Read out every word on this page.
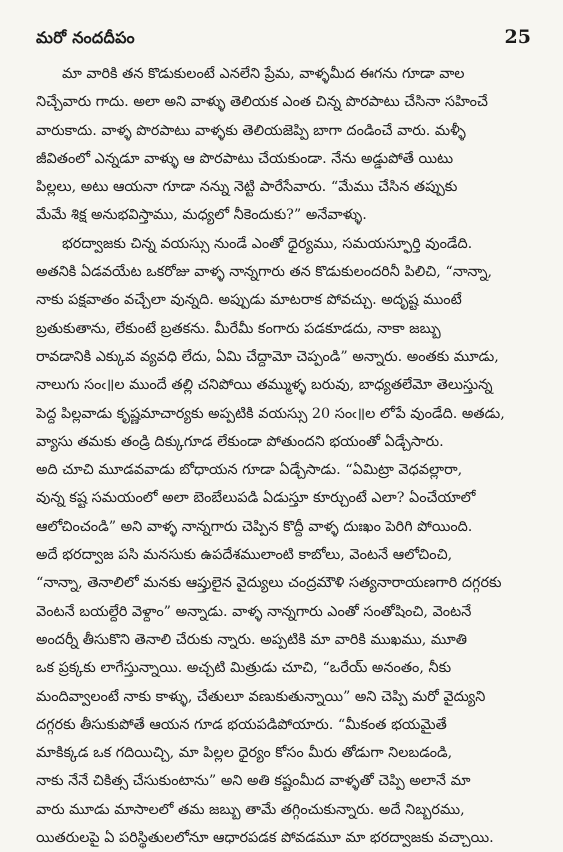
మరో నందదీపం	25
మా వారికి తన కొడుకులంటే ఎనలేని ప్రేమ, వాళ్ళమీద ఈగను గూడా వాల
నిచ్చేవారు గాదు. అలా అని వాళ్ళు తెలియక ఎంత చిన్న పొరపాటు చేసినా సహించే
వారుకాదు. వాళ్ళ పొరపాటు వాళ్ళకు తెలియజెప్పి బాగా దండించే వారు. మళ్ళీ
జీవితంలో ఎన్నడూ వాళ్ళు ఆ పొరపాటు చేయకుండా. నేను అడ్డుపోతే యిటు
పిల్లలు, అటు ఆయనా గూడా నన్ను నెట్టి పారేసేవారు. “మేము చేసిన తప్పుకు
మేమే శిక్ష అనుభవిస్తాము, మధ్యలో నీకెందుకు?” అనేవాళ్ళు.
భరద్వాజకు చిన్న వయస్సు నుండే ఎంతో ధైర్యము, సమయస్ఫూర్తి వుండేది.
అతనికి ఏడవయేట ఒకరోజు వాళ్ళ నాన్నగారు తన కొడుకులందరినీ పిలిచి, “నాన్నా,
నాకు పక్షవాతం వచ్చేలా వున్నది. అప్పుడు మాటరాక పోవచ్చు. అదృష్ట ముంటే
బ్రతుకుతాను, లేకుంటే బ్రతకను. మీరేమీ కంగారు పడకూడదు, నాకా జబ్బు
రావడానికి ఎక్కువ వ్యవధి లేదు, ఏమి చేద్దామో చెప్పండి” అన్నారు. అంతకు మూడు,
నాలుగు సంఁ॥ల ముందే తల్లి చనిపోయి తమ్ముళ్ళ బరువు, బాధ్యతలేమో తెలుస్తున్న
పెద్ద పిల్లవాడు కృష్ణమాచార్యకు అప్పటికి వయస్సు 20 సంఁ॥ల లోపే వుండేది. అతడు,
వ్యాసు తమకు తండ్రి దిక్కుగూడ లేకుండా పోతుందని భయంతో ఏడ్చేసారు.
అది చూచి మూడవవాడు బోధాయన గూడా ఏడ్చేసాడు. “ఏమిట్రా వెధవల్లారా,
వున్న కష్ట సమయంలో అలా బెంబేలుపడి ఏడుస్తూ కూర్చుంటే ఎలా? ఏంచేయాలో
ఆలోచించండి” అని వాళ్ళ నాన్నగారు చెప్పిన కొద్దీ వాళ్ళ దుఃఖం పెరిగి పోయింది.
అదే భరద్వాజ పసి మనసుకు ఉపదేశములాంటి కాబోలు, వెంటనే ఆలోచించి,
“నాన్నా, తెనాలిలో మనకు ఆప్తులైన వైద్యులు చంద్రమౌళి సత్యనారాయణగారి దగ్గరకు
వెంటనే బయల్దేరి వెళ్దాం” అన్నాడు. వాళ్ళ నాన్నగారు ఎంతో సంతోషించి, వెంటనే
అందర్నీ తీసుకొని తెనాలి చేరుకు న్నారు. అప్పటికి మా వారికి ముఖము, మూతి
ఒక ప్రక్కకు లాగేస్తున్నాయి. అచ్చటి మిత్రుడు చూచి, “ఒరేయ్ అనంతం, నీకు
మందివ్వాలంటే నాకు కాళ్ళు, చేతులూ వణుకుతున్నాయి” అని చెప్పి మరో వైద్యుని
దగ్గరకు తీసుకుపోతే ఆయన గూడ భయపడిపోయారు. “మీకంత భయమైతే
మాకిక్కడ ఒక గదియిచ్చి, మా పిల్లల ధైర్యం కోసం మీరు తోడుగా నిలబడండి,
నాకు నేనే చికిత్స చేసుకుంటాను” అని అతి కష్టంమీద వాళ్ళతో చెప్పి అలానే మా
వారు మూడు మాసాలలో తమ జబ్బు తామే తగ్గించుకున్నారు. అదే నిబ్బరము,
యితరులపై ఏ పరిస్థితులలోనూ ఆధారపడక పోవడమూ మా భరద్వాజకు వచ్చాయి.
